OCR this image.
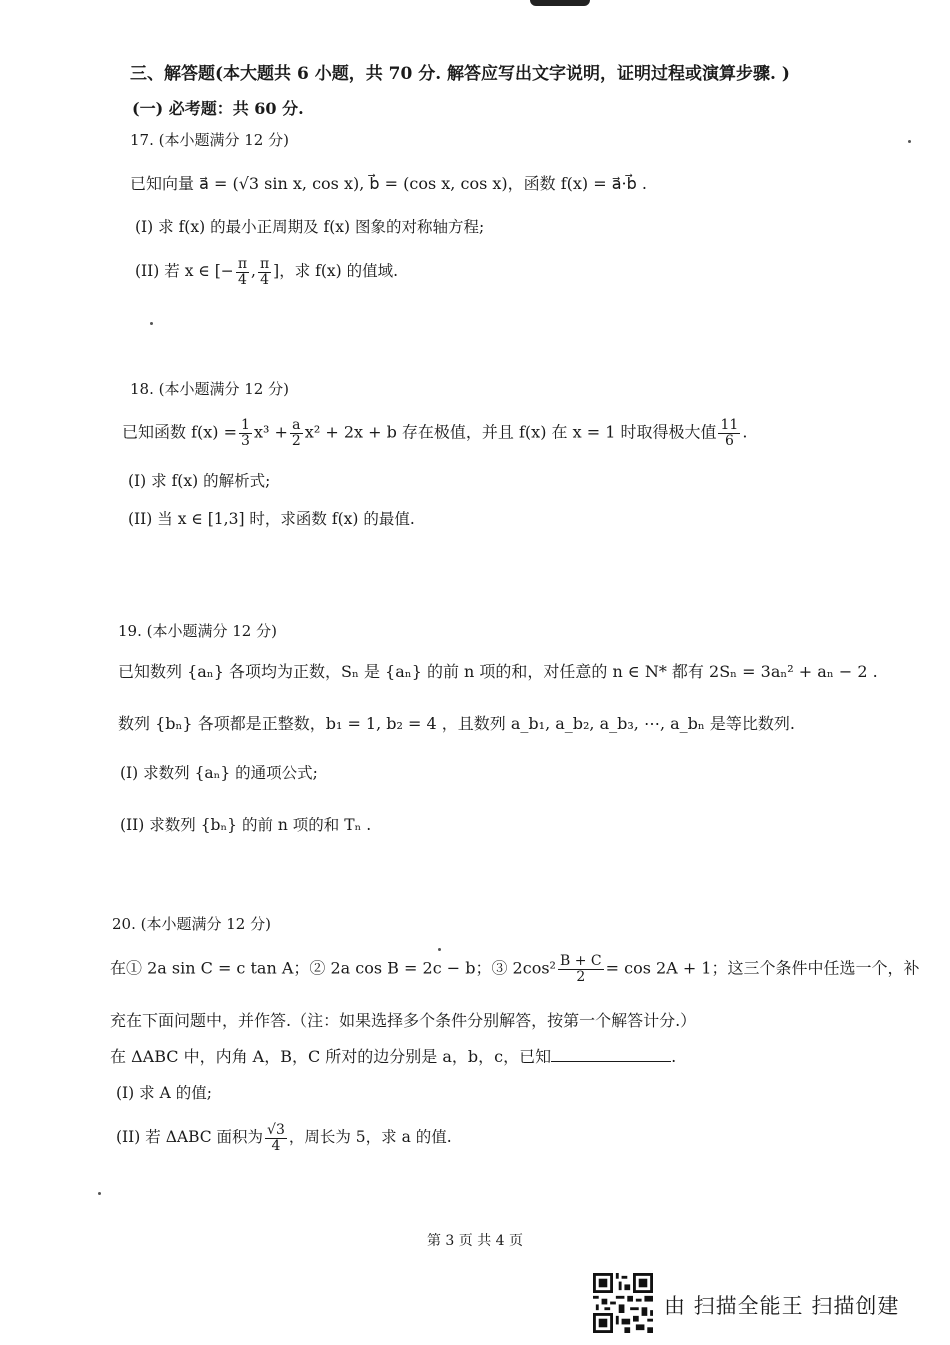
三、解答题(本大题共 6 小题，共 70 分. 解答应写出文字说明，证明过程或演算步骤. )
(一) 必考题：共 60 分.
17. (本小题满分 12 分)
已知向量 a⃗ = (√3 sin x, cos x), b⃗ = (cos x, cos x)，函数 f(x) = a⃗·b⃗ .
(I) 求 f(x) 的最小正周期及 f(x) 图象的对称轴方程;
(II) 若 x ∈ [− $\frac{\pi}{4}$ , $\frac{\pi}{4}$ ]，求 f(x) 的值域.
18. (本小题满分 12 分)
已知函数 $f(x) = \frac{1}{3} x^3 + \frac{a}{2} x^2 + 2x + b$ 存在极值，并且 f(x) 在 x = 1 时取得极大值 $\frac{11}{6}$ .
(I) 求 f(x) 的解析式;
(II) 当 x ∈ [1,3] 时，求函数 f(x) 的最值.
19. (本小题满分 12 分)
已知数列 {aₙ} 各项均为正数，Sₙ 是 {aₙ} 的前 n 项的和，对任意的 n ∈ N* 都有 2Sₙ = 3aₙ² + aₙ − 2 .
数列 {bₙ} 各项都是正整数，b₁ = 1, b₂ = 4 ，且数列 a_b₁, a_b₂, a_b₃, ⋯, a_bₙ 是等比数列.
(I) 求数列 {aₙ} 的通项公式;
(II) 求数列 {bₙ} 的前 n 项的和 Tₙ .
20. (本小题满分 12 分)
在① 2a sin C = c tan A；② 2a cos B = 2c − b；③ $2\cos^2 \frac{B + C}{2} = \cos 2A + 1$；这三个条件中任选一个，补
充在下面问题中，并作答.（注：如果选择多个条件分别解答，按第一个解答计分.）
在 ΔABC 中，内角 A，B，C 所对的边分别是 a，b，c，已知	.
(I) 求 A 的值;
(II) 若 ΔABC 面积为 $\frac{√3}{4}$ ，周长为 5，求 a 的值.
第 3 页 共 4 页
由 扫描全能王 扫描创建
